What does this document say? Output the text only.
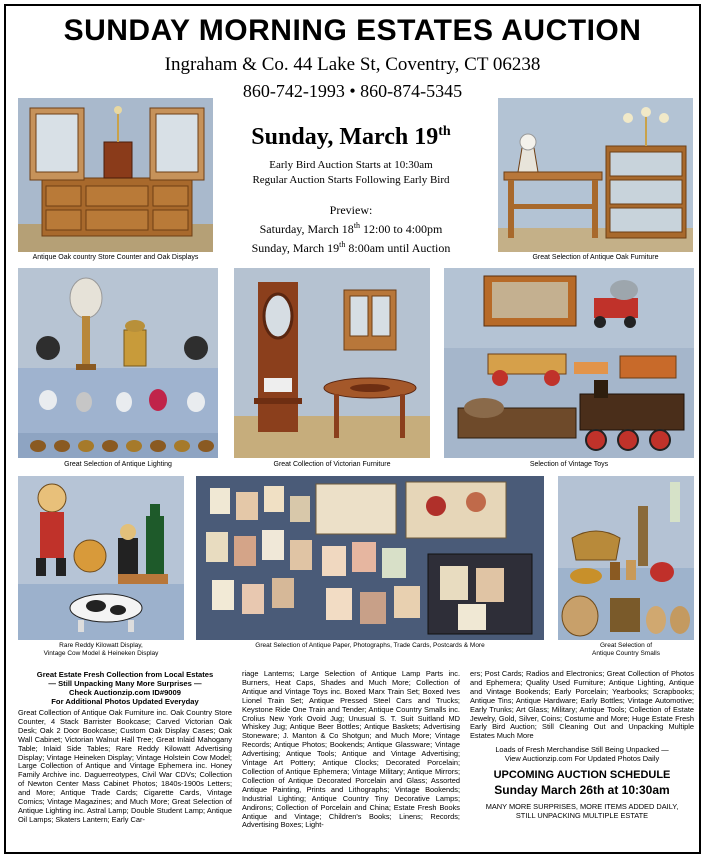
SUNDAY MORNING ESTATES AUCTION
Ingraham & Co. 44 Lake St, Coventry, CT 06238
860-742-1993 • 860-874-5345
Antique Oak country Store Counter and Oak Displays
Sunday, March 19th
Early Bird Auction Starts at 10:30am
Regular Auction Starts Following Early Bird
Preview:
Saturday, March 18th 12:00 to 4:00pm
Sunday, March 19th 8:00am until Auction
Great Selection of Antique Oak Furniture
Great Selection of Antique Lighting	Great Collection of Victorian Furniture	Selection of Vintage Toys
Rare Reddy Kilowatt Display,
Vintage Cow Model & Heineken Display
Great Selection of Antique Paper, Photographs, Trade Cards, Postcards & More	Great Selection of
Antique Country Smalls
Great Estate Fresh Collection from Local Estates
— Still Unpacking Many More Surprises —
Check Auctionzip.com ID#9009
For Additional Photos Updated Everyday
Great Collection of Antique Oak Furniture inc. Oak Country Store Counter, 4 Stack Barrister Bookcase; Carved Victorian Oak Desk; Oak 2 Door Bookcase; Custom Oak Display Cases; Oak Wall Cabinet; Victorian Walnut Hall Tree; Great Inlaid Mahogany Table; Inlaid Side Tables; Rare Reddy Kilowatt Advertising Display; Vintage Heineken Display; Vintage Holstein Cow Model; Large Collection of Antique and Vintage Ephemera inc. Honey Family Archive inc. Daguerreotypes, Civil War CDVs; Collection of Newton Center Mass Cabinet Photos; 1840s-1900s Letters; and More; Antique Trade Cards; Cigarette Cards, Vintage Comics; Vintage Magazines; and Much More; Great Selection of Antique Lighting inc. Astral Lamp; Double Student Lamp; Antique Oil Lamps; Skaters Lantern; Early Car-
riage Lanterns; Large Selection of Antique Lamp Parts inc. Burners, Heat Caps, Shades and Much More; Collection of Antique and Vintage Toys inc. Boxed Marx Train Set; Boxed Ives Lionel Train Set; Antique Pressed Steel Cars and Trucks; Keystone Ride One Train and Tender; Antique Country Smalls inc. Crolius New York Ovoid Jug; Unusual S. T. Suit Suitland MD Whiskey Jug; Antique Beer Bottles; Antique Baskets; Advertising Stoneware; J. Manton & Co Shotgun; and Much More; Vintage Records; Antique Photos; Bookends; Antique Glassware; Vintage Advertising; Antique Tools; Antique and Vintage Advertising; Vintage Art Pottery; Antique Clocks; Decorated Porcelain; Collection of Antique Ephemera; Vintage Military; Antique Mirrors; Collection of Antique Decorated Porcelain and Glass; Assorted Antique Painting, Prints and Lithographs; Vintage Bookends; Industrial Lighting; Antique Country Tiny Decorative Lamps; Andirons; Collection of Porcelain and China; Estate Fresh Books Antique and Vintage; Children's Books; Linens; Records; Advertising Boxes; Light-
ers; Post Cards; Radios and Electronics; Great Collection of Photos and Ephemera; Quality Used Furniture; Antique Lighting, Antique and Vintage Bookends; Early Porcelain; Yearbooks; Scrapbooks; Antique Tins; Antique Hardware; Early Bottles; Vintage Automotive; Early Trunks; Art Glass; Military; Antique Tools; Collection of Estate Jewelry, Gold, Silver, Coins; Costume and More; Huge Estate Fresh Early Bird Auction; Still Cleaning Out and Unpacking Multiple Estates Much More
Loads of Fresh Merchandise Still Being Unpacked —
View Auctionzip.com For Updated Photos Daily
UPCOMING AUCTION SCHEDULE
Sunday March 26th at 10:30am
MANY MORE SURPRISES, MORE ITEMS ADDED DAILY,
STILL UNPACKING MULTIPLE ESTATE
